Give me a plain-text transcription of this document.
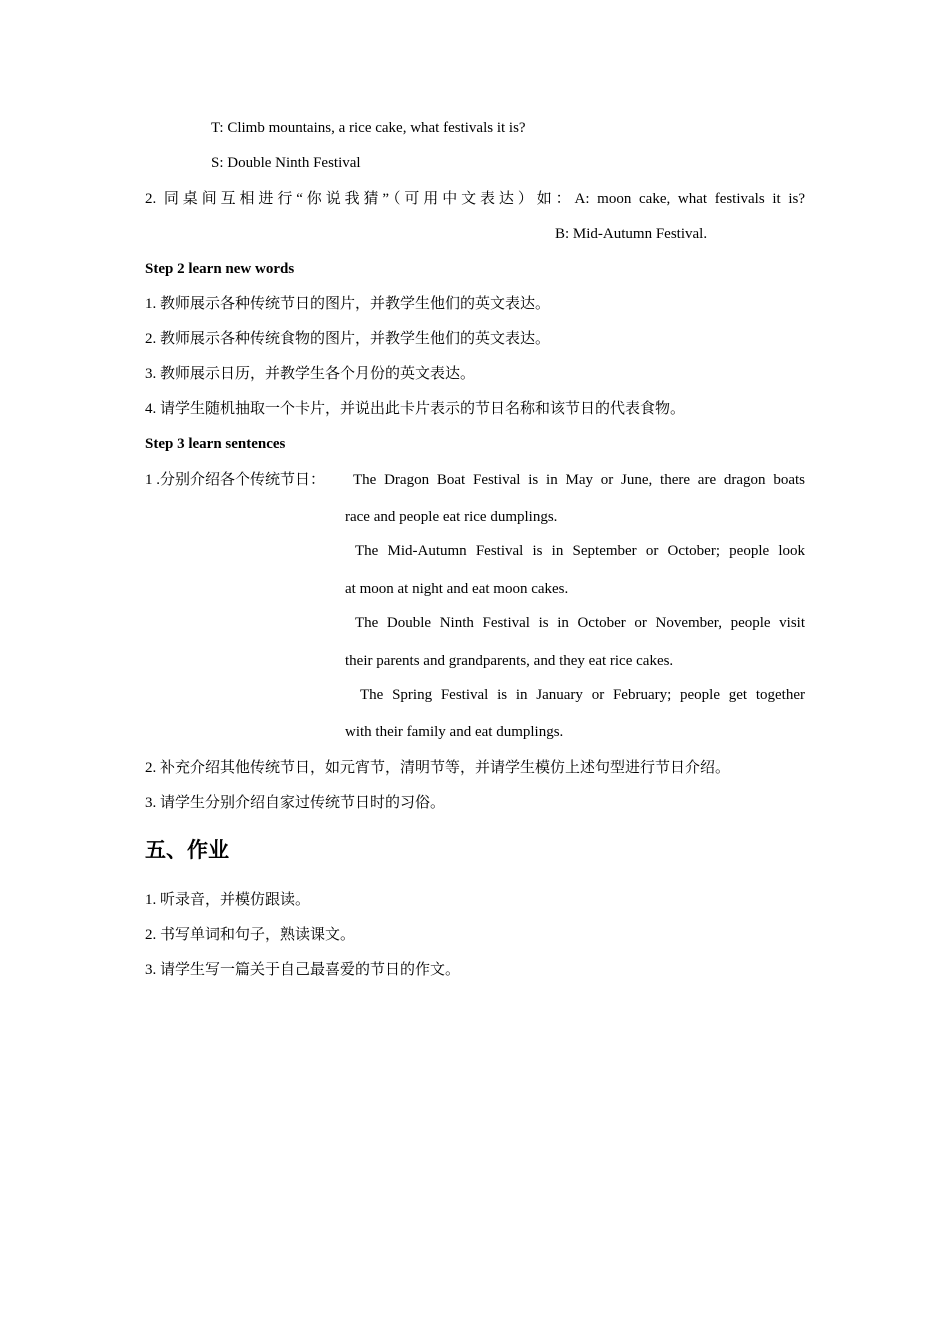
T: Climb mountains, a rice cake, what festivals it is?
S: Double Ninth Festival
2. 同桌间互相进行“你说我猜”（可用中文表达）如：A: moon cake, what festivals it is?
B: Mid-Autumn Festival.
Step 2 learn new words
1. 教师展示各种传统节日的图片，并教学生他们的英文表达。
2. 教师展示各种传统食物的图片，并教学生他们的英文表达。
3. 教师展示日历，并教学生各个月份的英文表达。
4. 请学生随机抽取一个卡片，并说出此卡片表示的节日名称和该节日的代表食物。
Step 3 learn sentences
1 .分别介绍各个传统节日： The Dragon Boat Festival is in May or June, there are dragon boats
race and people eat rice dumplings.
The Mid-Autumn Festival is in September or October; people look
at moon at night and eat moon cakes.
The Double Ninth Festival is in October or November, people visit
their parents and grandparents, and they eat rice cakes.
The Spring Festival is in January or February; people get together
with their family and eat dumplings.
2. 补充介绍其他传统节日，如元宵节，清明节等，并请学生模仿上述句型进行节日介绍。
3. 请学生分别介绍自家过传统节日时的习俗。
五、作业
1. 听录音，并模仿跟读。
2. 书写单词和句子，熟读课文。
3. 请学生写一篇关于自己最喜爱的节日的作文。
